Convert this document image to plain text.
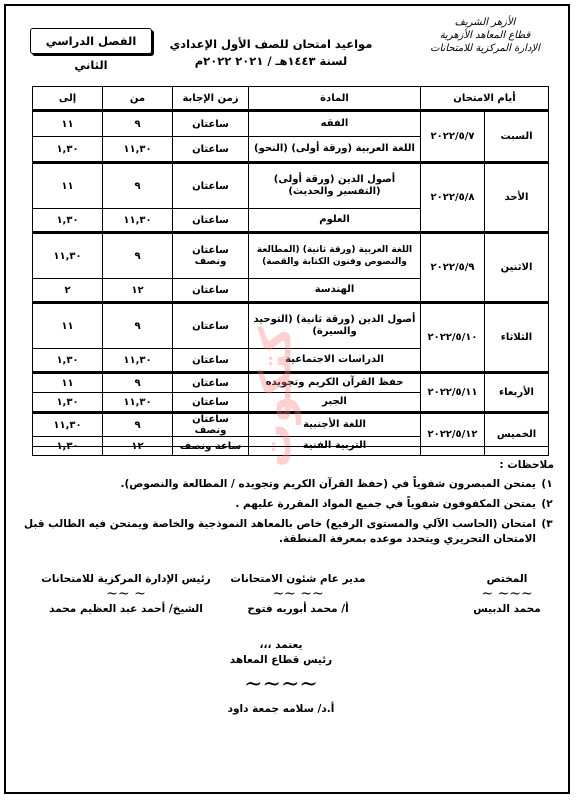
الأزهر الشريف
قطاع المعاهد الأزهرية
الإدارة المركزية للامتحانات
مواعيد امتحان للصف الأول الإعدادي
لسنة ١٤٤٣هـ / ٢٠٢١ ٢٠٢٢م
الفصل الدراسي الثاني
أيام الامتحان		المادة	زمن الإجابة	من	إلى
السبت	٢٠٢٢/٥/٧	الفقه	ساعتان	٩	١١
		اللغة العربية (ورقة أولى) (النحو)	ساعتان	١١,٣٠	١,٣٠
الأحد	٢٠٢٢/٥/٨	أصول الدين (ورقة أولى) (التفسير والحديث)	ساعتان	٩	١١
		العلوم	ساعتان	١١,٣٠	١,٣٠
الاثنين	٢٠٢٢/٥/٩	اللغة العربية (ورقة ثانية) (المطالعة والنصوص وفنون الكتابة والقصة)	ساعتان ونصف	٩	١١,٣٠
		الهندسة	ساعتان	١٢	٢
الثلاثاء	٢٠٢٢/٥/١٠	أصول الدين (ورقة ثانية) (التوحيد والسيرة)	ساعتان	٩	١١
		الدراسات الاجتماعية	ساعتان	١١,٣٠	١,٣٠
الأربعاء	٢٠٢٢/٥/١١	حفظ القرآن الكريم وتجويده	ساعتان	٩	١١
		الجبر	ساعتان	١١,٣٠	١,٣٠
الخميس	٢٠٢٢/٥/١٢	اللغة الأجنبية	ساعتان ونصف	٩	١١,٣٠
		التربية الفنية	ساعة ونصف	١٢	١,٣٠	كتكوت	ملاحظات :
١)
يمتحن المبصرون شفوياً في (حفظ القرآن الكريم وتجويده / المطالعة والنصوص).
٢)
يمتحن المكفوفون شفوياً في جميع المواد المقررة عليهم .
٣)
امتحان (الحاسب الآلي والمستوى الرفيع) خاص بالمعاهد النموذجية والخاصة ويمتحن فيه الطالب قبل الامتحان التحريري ويتحدد موعده بمعرفة المنطقة.
المختص
~~~ ~
محمد الدبيس
مدير عام شئون الامتحانات
~~ ~~
أ/ محمد أبوريه فتوح
رئيس الإدارة المركزية للامتحانات
~ ~~
الشيخ/ أحمد عبد العظيم محمد
يعتمد ،،،
رئيس قطاع المعاهد
~~~~
أ.د/ سلامه جمعة داود
